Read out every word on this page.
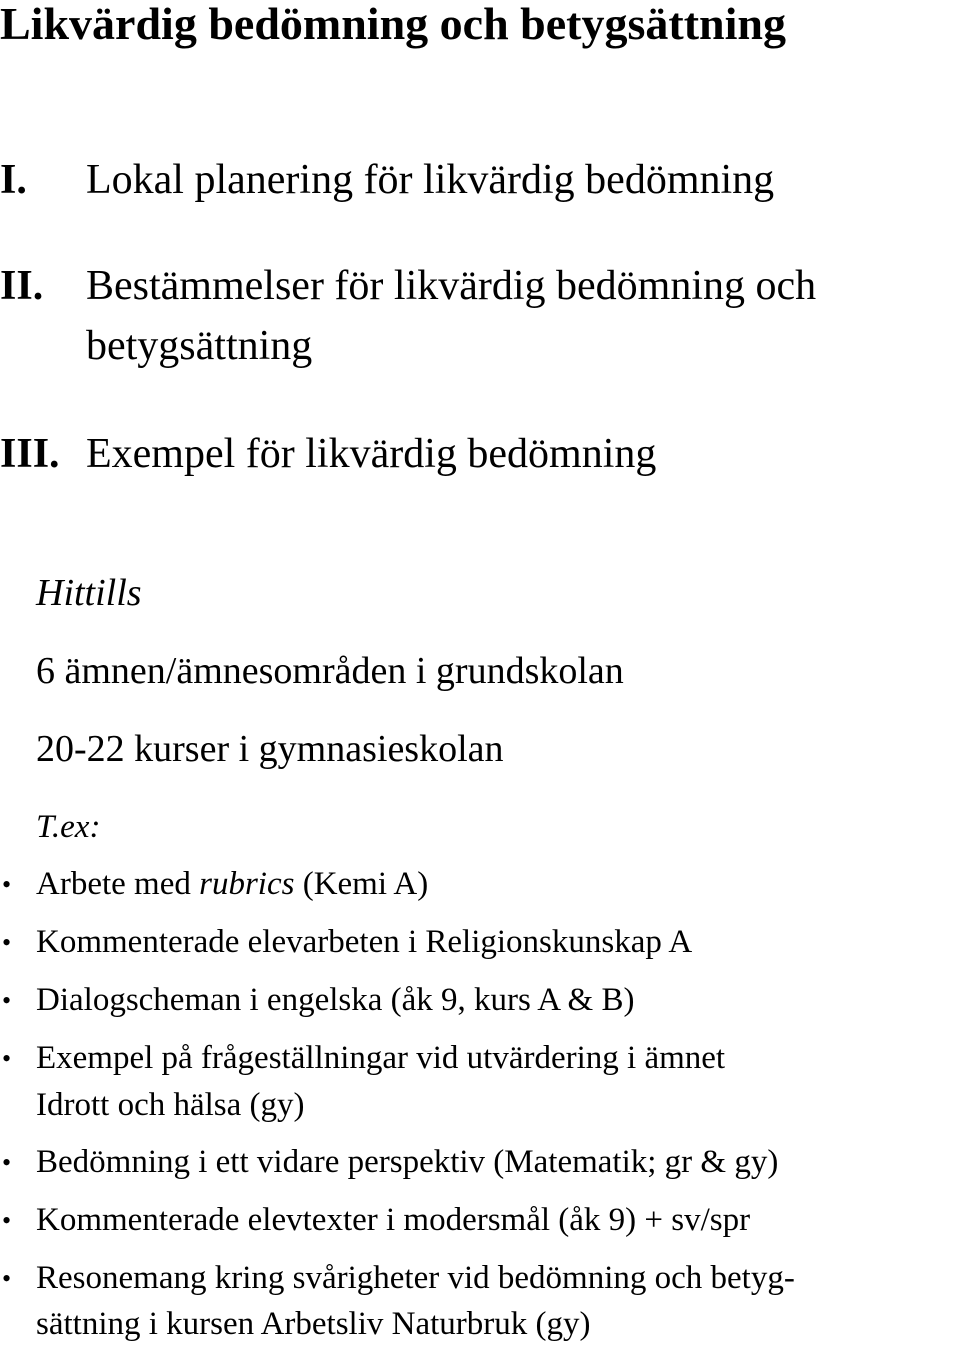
Likvärdig bedömning och betygsättning
I. Lokal planering för likvärdig bedömning
II. Bestämmelser för likvärdig bedömning och
betygsättning
III. Exempel för likvärdig bedömning
Hittills
6 ämnen/ämnesområden i grundskolan
20-22 kurser i gymnasieskolan
T.ex:
• Arbete med rubrics (Kemi A)
• Kommenterade elevarbeten i Religionskunskap A
• Dialogscheman i engelska (åk 9, kurs A & B)
• Exempel på frågeställningar vid utvärdering i ämnet
Idrott och hälsa (gy)
• Bedömning i ett vidare perspektiv (Matematik; gr & gy)
• Kommenterade elevtexter i modersmål (åk 9) + sv/spr
• Resonemang kring svårigheter vid bedömning och betyg-
sättning i kursen Arbetsliv Naturbruk (gy)
